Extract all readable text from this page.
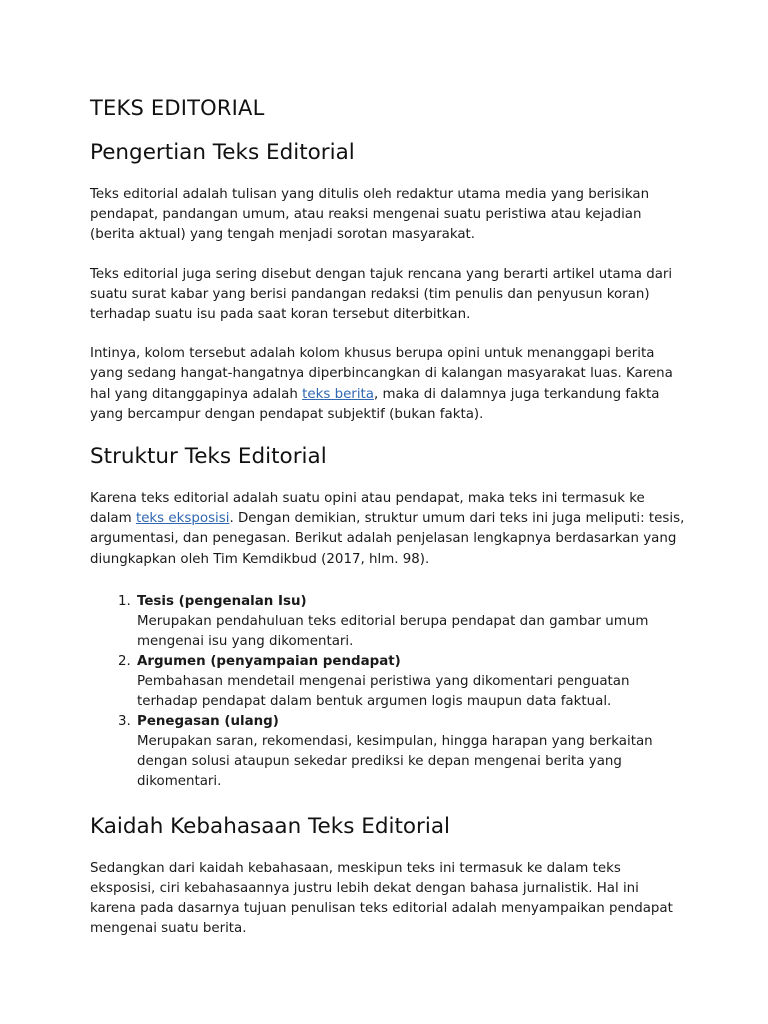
TEKS EDITORIAL
Pengertian Teks Editorial

Teks editorial adalah tulisan yang ditulis oleh redaktur utama media yang berisikan pendapat, pandangan umum, atau reaksi mengenai suatu peristiwa atau kejadian (berita aktual) yang tengah menjadi sorotan masyarakat.

Teks editorial juga sering disebut dengan tajuk rencana yang berarti artikel utama dari suatu surat kabar yang berisi pandangan redaksi (tim penulis dan penyusun koran) terhadap suatu isu pada saat koran tersebut diterbitkan.

Intinya, kolom tersebut adalah kolom khusus berupa opini untuk menanggapi berita yang sedang hangat-hangatnya diperbincangkan di kalangan masyarakat luas. Karena hal yang ditanggapinya adalah teks berita, maka di dalamnya juga terkandung fakta yang bercampur dengan pendapat subjektif (bukan fakta).

Struktur Teks Editorial

Karena teks editorial adalah suatu opini atau pendapat, maka teks ini termasuk ke dalam teks eksposisi. Dengan demikian, struktur umum dari teks ini juga meliputi: tesis, argumentasi, dan penegasan. Berikut adalah penjelasan lengkapnya berdasarkan yang diungkapkan oleh Tim Kemdikbud (2017, hlm. 98).

1. Tesis (pengenalan Isu)
Merupakan pendahuluan teks editorial berupa pendapat dan gambar umum mengenai isu yang dikomentari.
2. Argumen (penyampaian pendapat)
Pembahasan mendetail mengenai peristiwa yang dikomentari penguatan terhadap pendapat dalam bentuk argumen logis maupun data faktual.
3. Penegasan (ulang)
Merupakan saran, rekomendasi, kesimpulan, hingga harapan yang berkaitan dengan solusi ataupun sekedar prediksi ke depan mengenai berita yang dikomentari.
Kaidah Kebahasaan Teks Editorial

Sedangkan dari kaidah kebahasaan, meskipun teks ini termasuk ke dalam teks eksposisi, ciri kebahasaannya justru lebih dekat dengan bahasa jurnalistik. Hal ini karena pada dasarnya tujuan penulisan teks editorial adalah menyampaikan pendapat mengenai suatu berita.
